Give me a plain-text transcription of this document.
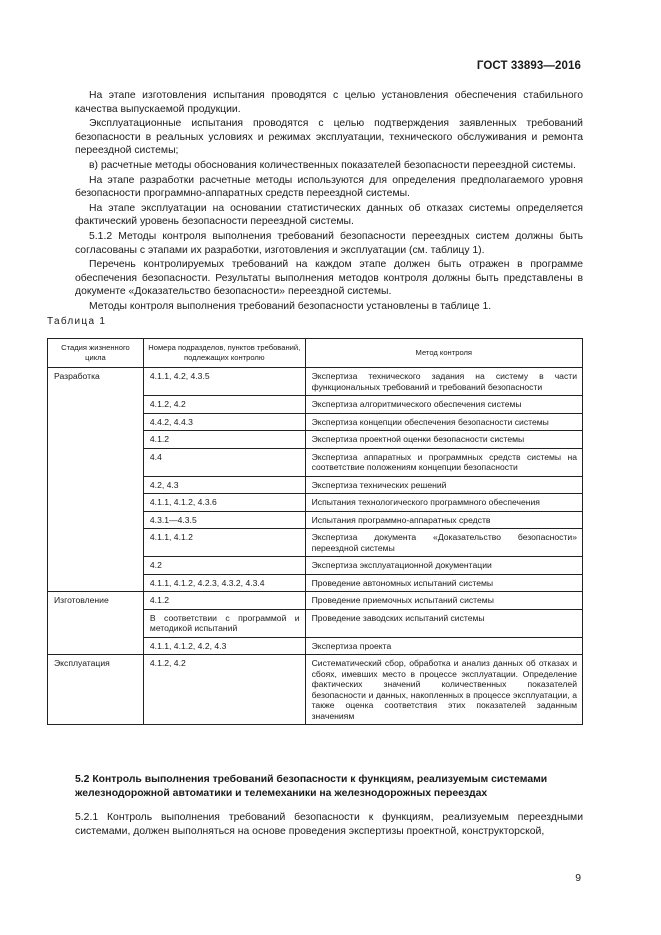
ГОСТ 33893—2016

На этапе изготовления испытания проводятся с целью установления обеспечения стабильного качества выпускаемой продукции.

Эксплуатационные испытания проводятся с целью подтверждения заявленных требований безопасности в реальных условиях и режимах эксплуатации, технического обслуживания и ремонта переездной системы;

в) расчетные методы обоснования количественных показателей безопасности переездной системы.

На этапе разработки расчетные методы используются для определения предполагаемого уровня безопасности программно-аппаратных средств переездной системы.

На этапе эксплуатации на основании статистических данных об отказах системы определяется фактический уровень безопасности переездной системы.

5.1.2 Методы контроля выполнения требований безопасности переездных систем должны быть согласованы с этапами их разработки, изготовления и эксплуатации (см. таблицу 1).

Перечень контролируемых требований на каждом этапе должен быть отражен в программе обеспечения безопасности. Результаты выполнения методов контроля должны быть представлены в документе «Доказательство безопасности» переездной системы.

Методы контроля выполнения требований безопасности установлены в таблице 1.

Таблица 1
Стадия жизненного цикла	Номера подразделов, пунктов требований, подлежащих контролю	Метод контроля
Разработка	4.1.1, 4.2, 4.3.5	Экспертиза технического задания на систему в части функциональных требований и требований безопасности
	4.1.2, 4.2	Экспертиза алгоритмического обеспечения системы
	4.4.2, 4.4.3	Экспертиза концепции обеспечения безопасности системы
	4.1.2	Экспертиза проектной оценки безопасности системы
	4.4	Экспертиза аппаратных и программных средств системы на соответствие положениям концепции безопасности
	4.2, 4.3	Экспертиза технических решений
	4.1.1, 4.1.2, 4.3.6	Испытания технологического программного обеспечения
	4.3.1—4.3.5	Испытания программно-аппаратных средств
	4.1.1, 4.1.2	Экспертиза документа «Доказательство безопасности» переездной системы
	4.2	Экспертиза эксплуатационной документации
	4.1.1, 4.1.2, 4.2.3, 4.3.2, 4.3.4	Проведение автономных испытаний системы
Изготовление	4.1.2	Проведение приемочных испытаний системы
	В соответствии с программой и методикой испытаний	Проведение заводских испытаний системы
	4.1.1, 4.1.2, 4.2, 4.3	Экспертиза проекта
Эксплуатация	4.1.2, 4.2	Систематический сбор, обработка и анализ данных об отказах и сбоях, имевших место в процессе эксплуатации. Определение фактических значений количественных показателей безопасности и данных, накопленных в процессе эксплуатации, а также оценка соответствия этих показателей заданным значениям
5.2 Контроль выполнения требований безопасности к функциям, реализуемым системами железнодорожной автоматики и телемеханики на железнодорожных переездах
5.2.1 Контроль выполнения требований безопасности к функциям, реализуемым переездными системами, должен выполняться на основе проведения экспертизы проектной, конструкторской,
9
